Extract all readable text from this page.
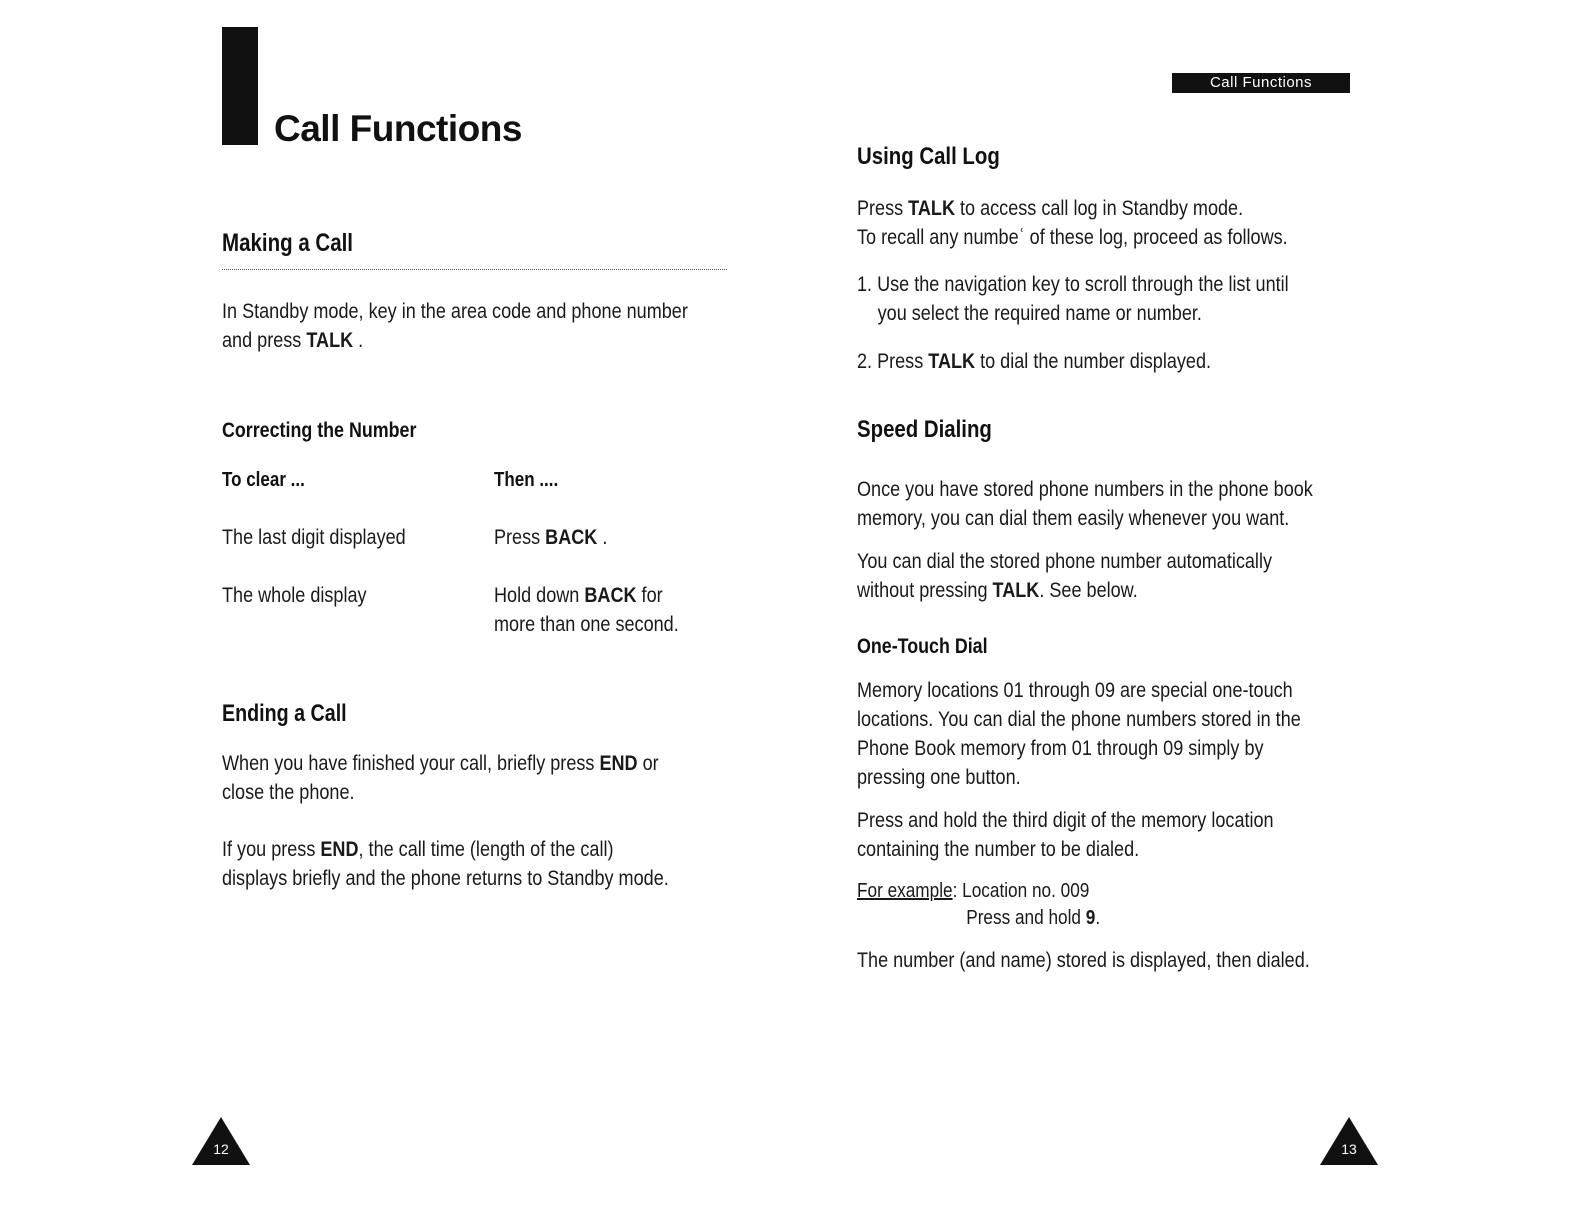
Call Functions
Making a Call
In Standby mode, key in the area code and phone number
and press TALK .
Correcting the Number
To clear ...	Then ....
The last digit displayed	Press BACK .
The whole display	Hold down BACK for
more than one second.
Ending a Call
When you have finished your call, briefly press END or
close the phone.
If you press END, the call time (length of the call)
displays briefly and the phone returns to Standby mode.
12
Call Functions
Using Call Log
Press TALK to access call log in Standby mode.
To recall any numbeʿ of these log, proceed as follows.
1. Use the navigation key to scroll through the list until
you select the required name or number.
2. Press TALK to dial the number displayed.
Speed Dialing
Once you have stored phone numbers in the phone book
memory, you can dial them easily whenever you want.
You can dial the stored phone number automatically
without pressing TALK. See below.
One-Touch Dial
Memory locations 01 through 09 are special one-touch
locations. You can dial the phone numbers stored in the
Phone Book memory from 01 through 09 simply by
pressing one button.
Press and hold the third digit of the memory location
containing the number to be dialed.
For example: Location no. 009
Press and hold 9.
The number (and name) stored is displayed, then dialed.
13
